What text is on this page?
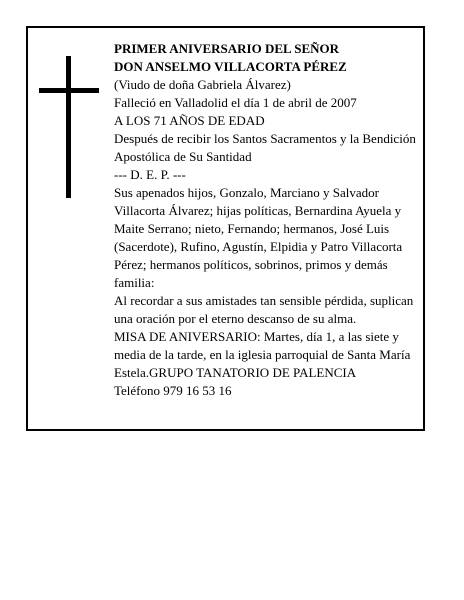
PRIMER ANIVERSARIO DEL SEÑOR
DON ANSELMO VILLACORTA PÉREZ
(Viudo de doña Gabriela Álvarez)
Falleció en Valladolid el día 1 de abril de 2007
A LOS 71 AÑOS DE EDAD
Después de recibir los Santos Sacramentos y la Bendición Apostólica de Su Santidad
--- D. E. P. ---
Sus apenados hijos, Gonzalo, Marciano y Salvador Villacorta Álvarez; hijas políticas, Bernardina Ayuela y Maite Serrano; nieto, Fernando; hermanos, José Luis (Sacerdote), Rufino, Agustín, Elpidia y Patro Villacorta Pérez; hermanos políticos, sobrinos, primos y demás familia:
Al recordar a sus amistades tan sensible pérdida, suplican una oración por el eterno descanso de su alma.
MISA DE ANIVERSARIO: Martes, día 1, a las siete y media de la tarde, en la iglesia parroquial de Santa María Estela.GRUPO TANATORIO DE PALENCIA
Teléfono 979 16 53 16
